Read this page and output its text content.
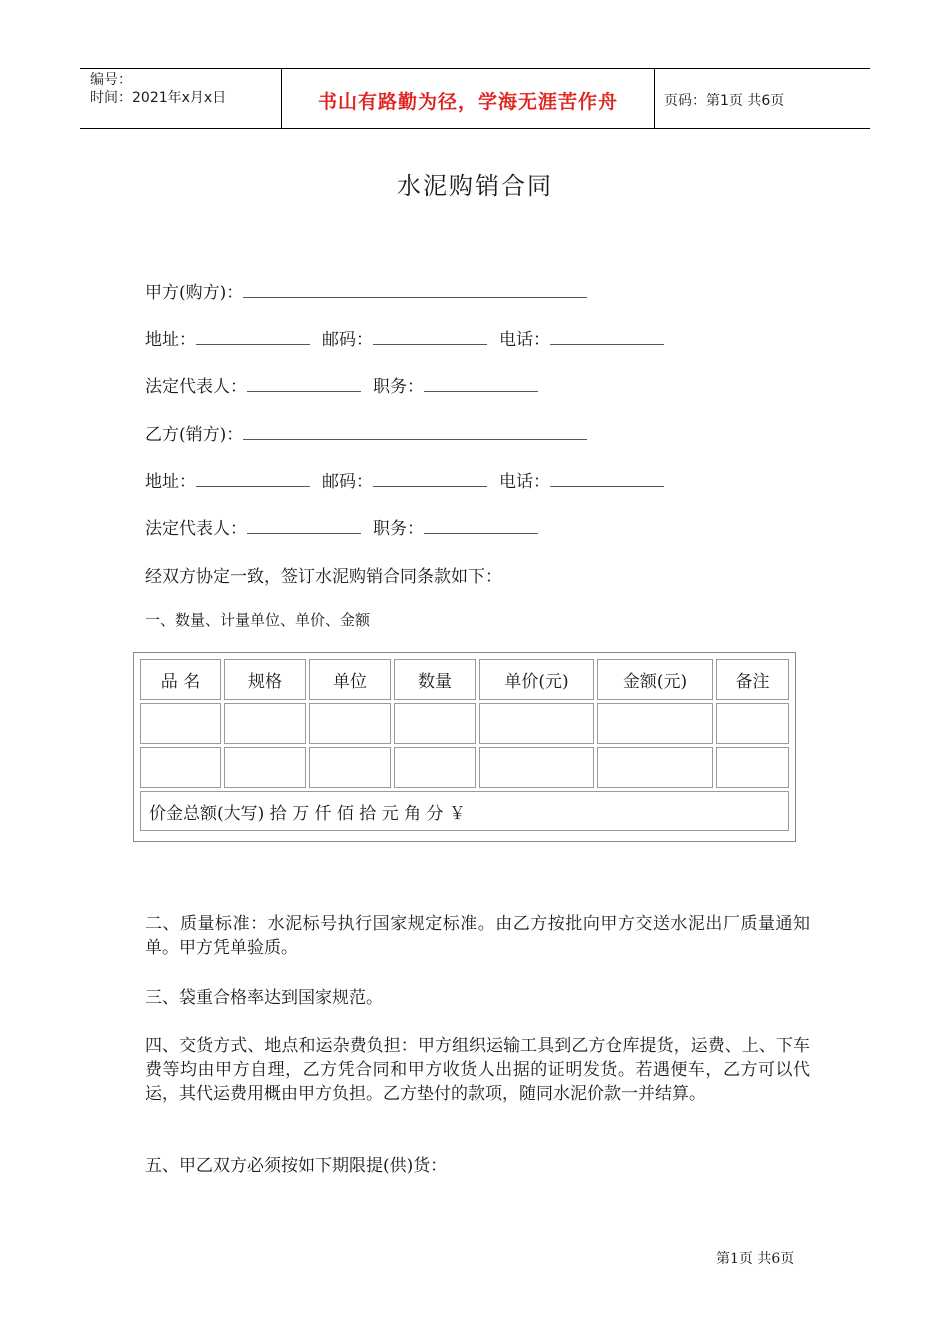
编号：
时间：2021年x月x日	书山有路勤为径，学海无涯苦作舟	页码：第1页 共6页
水泥购销合同
甲方(购方)：
地址：	邮码：	电话：
法定代表人：	职务：
乙方(销方)：
地址：	邮码：	电话：
法定代表人：	职务：
经双方协定一致，签订水泥购销合同条款如下：
一、数量、计量单位、单价、金额
品 名	规格	单位	数量	单价(元)	金额(元)	备注

价金总额(大写) 拾 万 仟 佰 拾 元 角 分 ￥						
二、质量标准：水泥标号执行国家规定标准。由乙方按批向甲方交送水泥出厂质量通知单。甲方凭单验质。
三、袋重合格率达到国家规范。
四、交货方式、地点和运杂费负担：甲方组织运输工具到乙方仓库提货，运费、上、下车费等均由甲方自理，乙方凭合同和甲方收货人出据的证明发货。若遇便车，乙方可以代运，其代运费用概由甲方负担。乙方垫付的款项，随同水泥价款一并结算。
五、甲乙双方必须按如下期限提(供)货：
第1页 共6页
